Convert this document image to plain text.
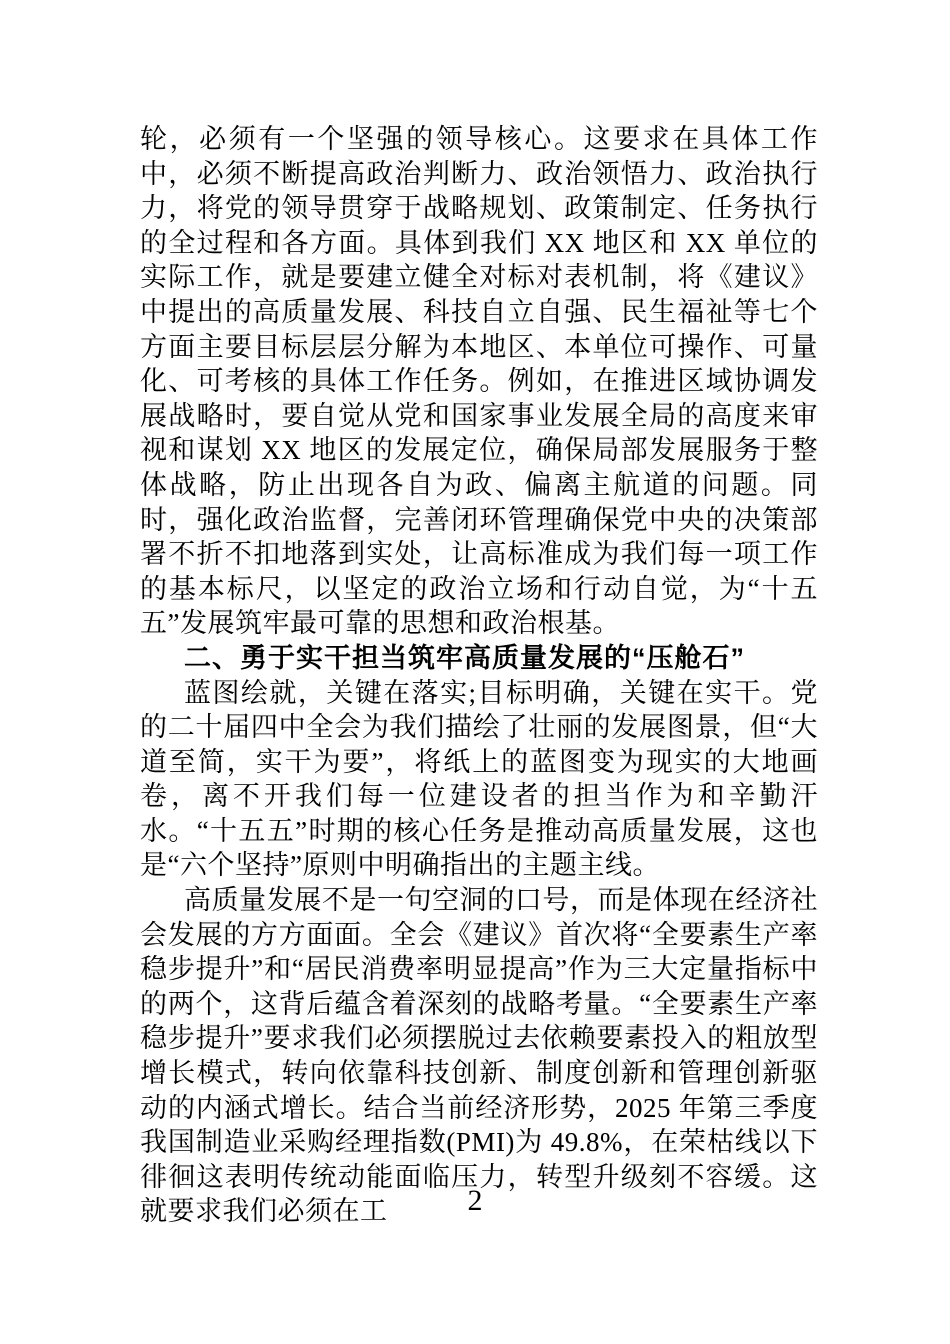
轮，必须有一个坚强的领导核心。这要求在具体工作中，必须不断提高政治判断力、政治领悟力、政治执行力，将党的领导贯穿于战略规划、政策制定、任务执行的全过程和各方面。具体到我们 XX 地区和 XX 单位的实际工作，就是要建立健全对标对表机制，将《建议》中提出的高质量发展、科技自立自强、民生福祉等七个方面主要目标层层分解为本地区、本单位可操作、可量化、可考核的具体工作任务。例如，在推进区域协调发展战略时，要自觉从党和国家事业发展全局的高度来审视和谋划 XX 地区的发展定位，确保局部发展服务于整体战略，防止出现各自为政、偏离主航道的问题。同时，强化政治监督，完善闭环管理确保党中央的决策部署不折不扣地落到实处，让高标准成为我们每一项工作的基本标尺，以坚定的政治立场和行动自觉，为“十五五”发展筑牢最可靠的思想和政治根基。

二、勇于实干担当筑牢高质量发展的“压舱石”

蓝图绘就，关键在落实;目标明确，关键在实干。党的二十届四中全会为我们描绘了壮丽的发展图景，但“大道至简，实干为要”，将纸上的蓝图变为现实的大地画卷，离不开我们每一位建设者的担当作为和辛勤汗水。“十五五”时期的核心任务是推动高质量发展，这也是“六个坚持”原则中明确指出的主题主线。

高质量发展不是一句空洞的口号，而是体现在经济社会发展的方方面面。全会《建议》首次将“全要素生产率稳步提升”和“居民消费率明显提高”作为三大定量指标中的两个，这背后蕴含着深刻的战略考量。“全要素生产率稳步提升”要求我们必须摆脱过去依赖要素投入的粗放型增长模式，转向依靠科技创新、制度创新和管理创新驱动的内涵式增长。结合当前经济形势，2025 年第三季度我国制造业采购经理指数(PMI)为 49.8%，在荣枯线以下徘徊这表明传统动能面临压力，转型升级刻不容缓。这就要求我们必须在工	2
